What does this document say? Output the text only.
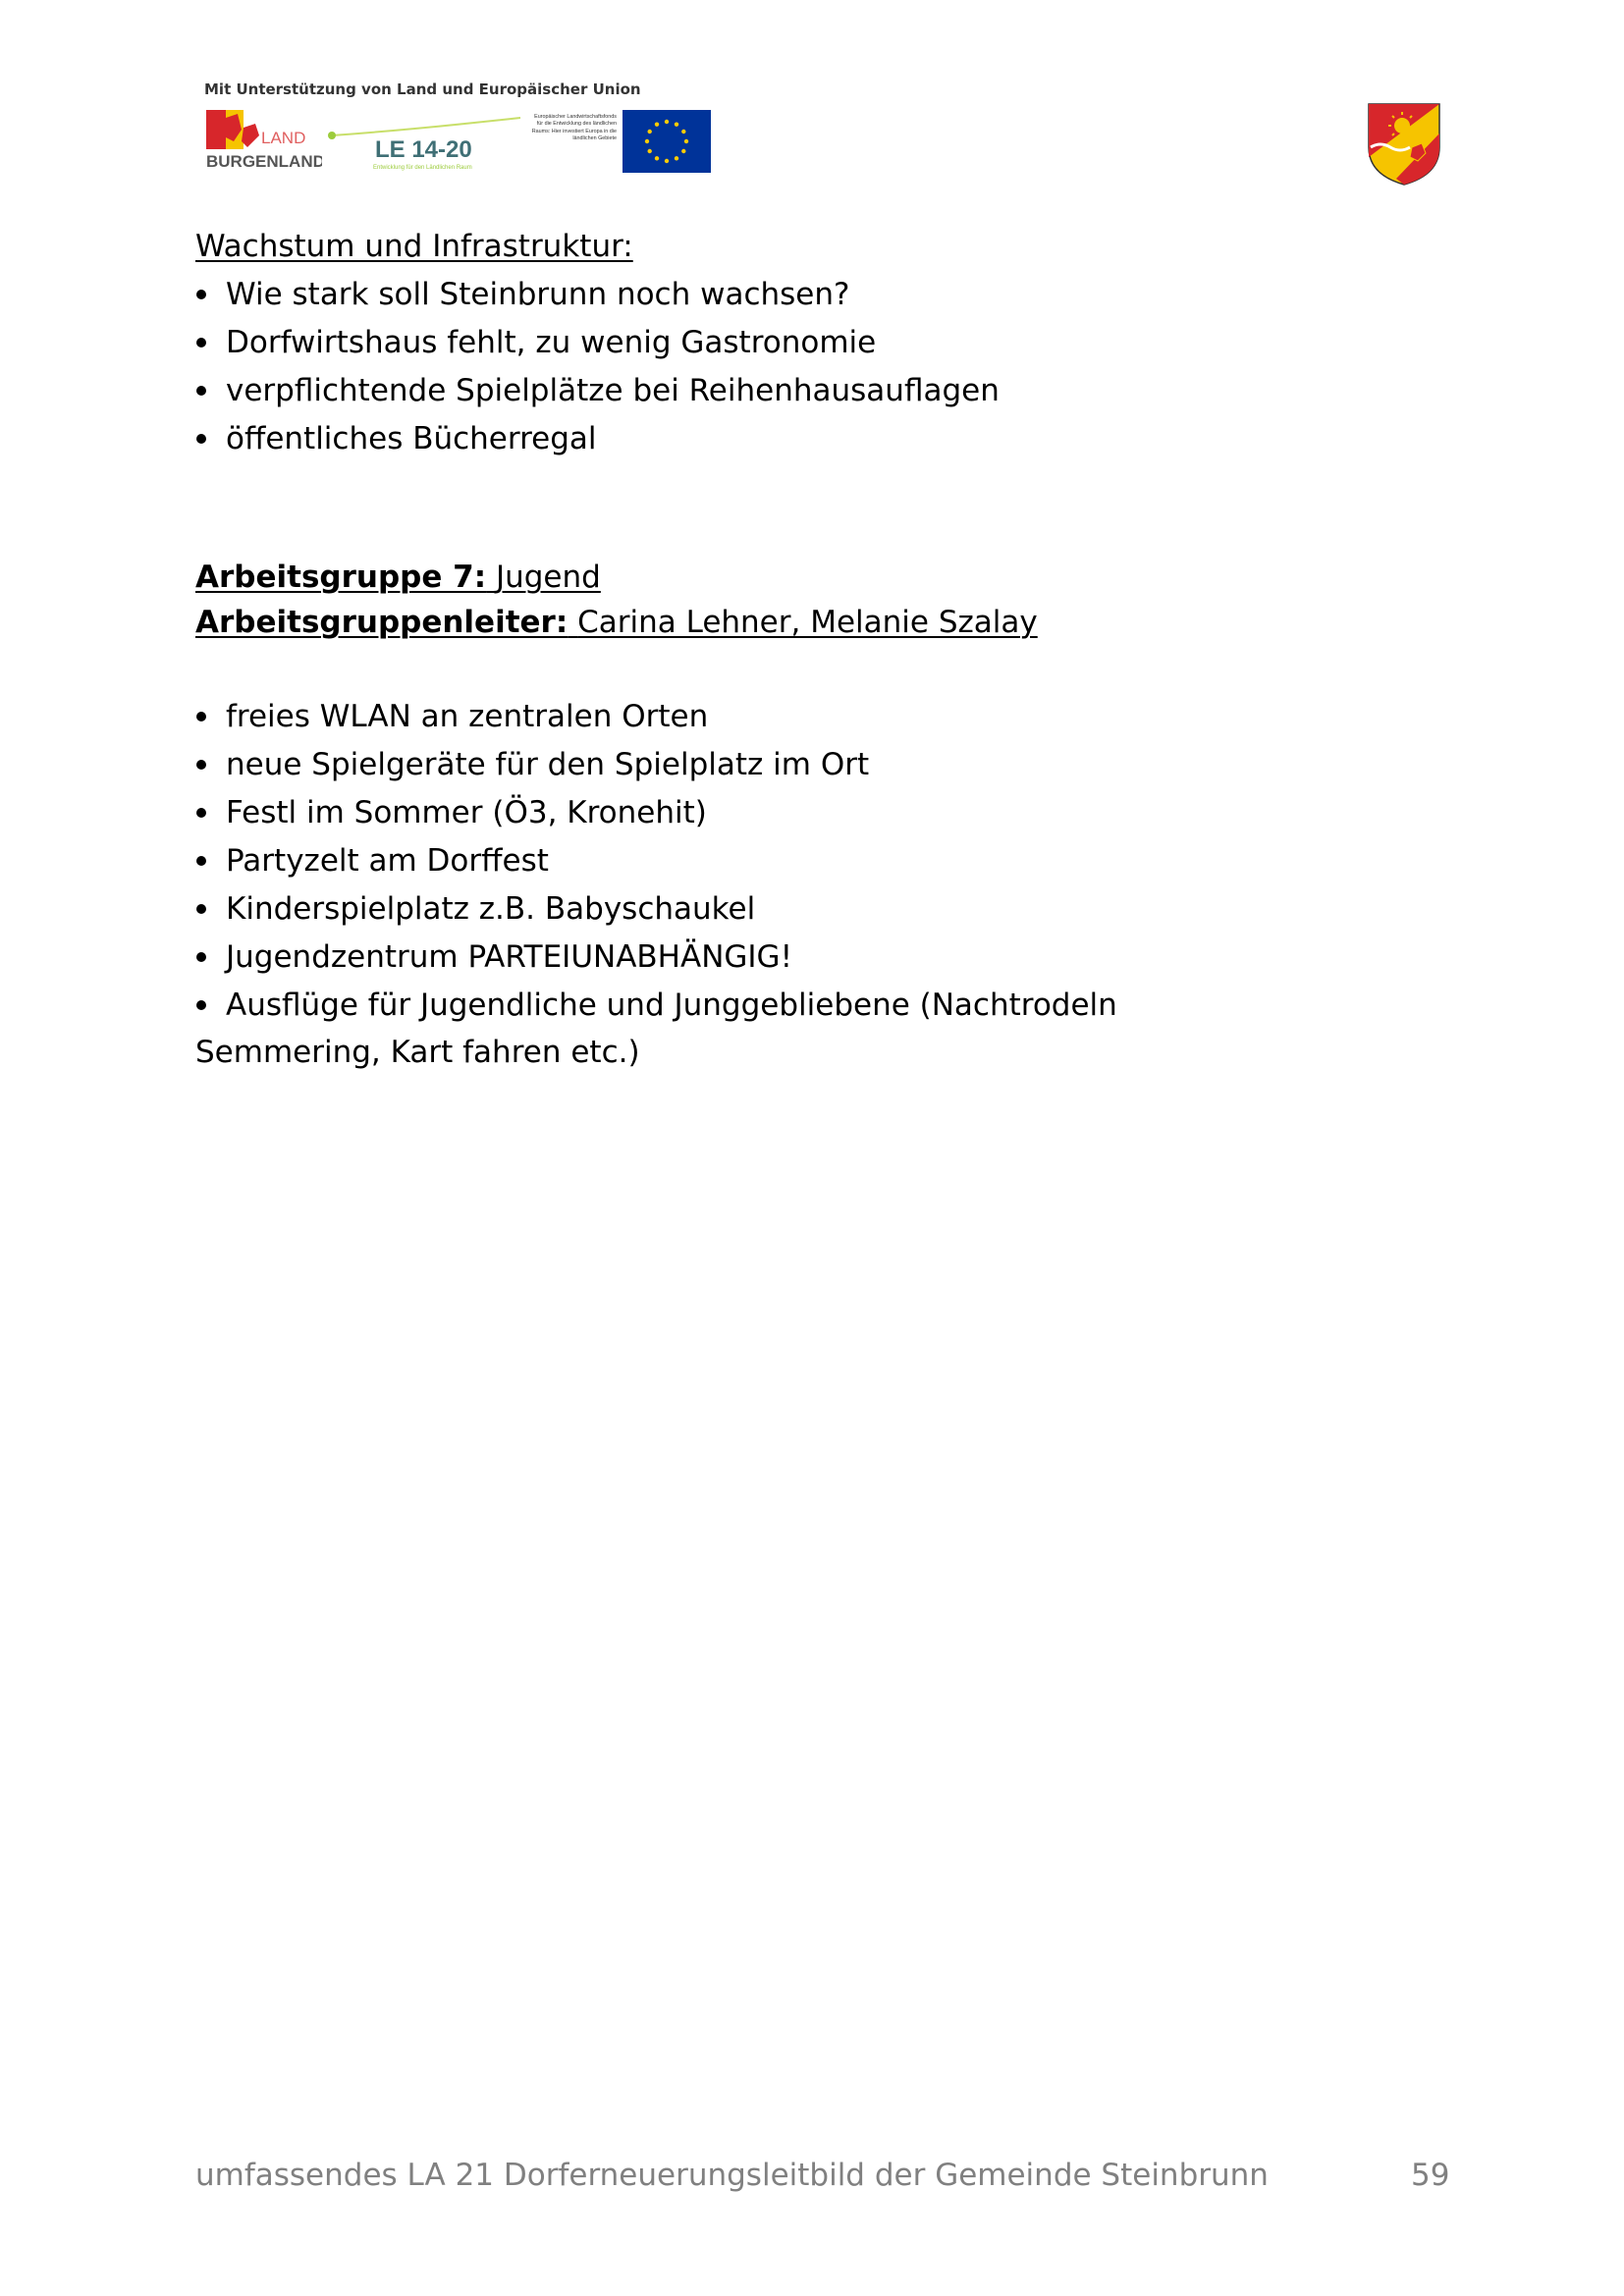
Mit Unterstützung von Land und Europäischer Union
LAND
BURGENLAND LE 14-20
Entwicklung für den Ländlichen Raum
Europäischer Landwirtschaftsfonds für die Entwicklung des ländlichen Raums: Hier investiert Europa in die ländlichen Gebiete
Wachstum und Infrastruktur:
Wie stark soll Steinbrunn noch wachsen?
Dorfwirtshaus fehlt, zu wenig Gastronomie
verpflichtende Spielplätze bei Reihenhausauflagen
öffentliches Bücherregal
Arbeitsgruppe 7: Jugend
Arbeitsgruppenleiter: Carina Lehner, Melanie Szalay
freies WLAN an zentralen Orten
neue Spielgeräte für den Spielplatz im Ort
Festl im Sommer (Ö3, Kronehit)
Partyzelt am Dorffest
Kinderspielplatz z.B. Babyschaukel
Jugendzentrum PARTEIUNABHÄNGIG!
Ausflüge für Jugendliche und Junggebliebene (Nachtrodeln
Semmering, Kart fahren etc.)
umfassendes LA 21 Dorferneuerungsleitbild der Gemeinde Steinbrunn	59
